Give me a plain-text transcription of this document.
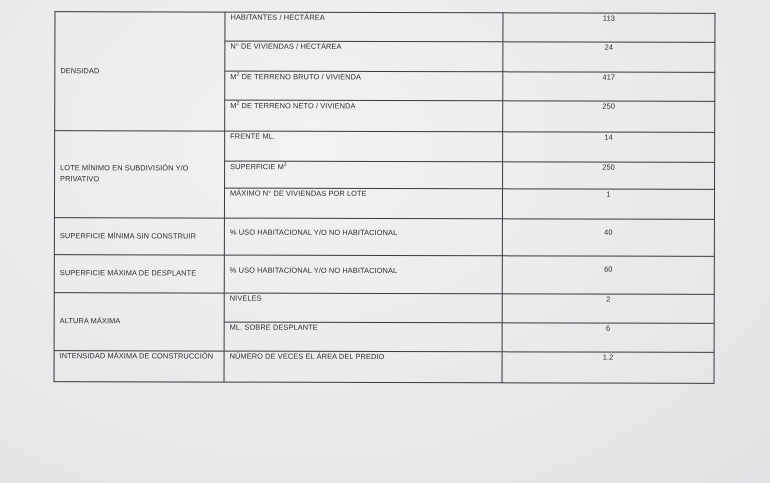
DENSIDAD	HABITANTES / HECTÁREA	113
	N° DE VIVIENDAS / HECTÁREA	24
	$M^2$ DE TERRENO BRUTO / VIVIENDA	417
	$M^2$ DE TERRENO NETO / VIVIENDA	250
LOTE MÍNIMO EN SUBDIVISIÓN Y/O PRIVATIVO	FRENTE ML.	14
	SUPERFICIE $M^2$	250
	MÁXIMO N° DE VIVIENDAS POR LOTE	1
SUPERFICIE MÍNIMA SIN CONSTRUIR	% USO HABITACIONAL Y/O NO HABITACIONAL	40
SUPERFICIE MÁXIMA DE DESPLANTE	% USO HABITACIONAL Y/O NO HABITACIONAL	60
ALTURA MÁXIMA	NIVELES	2
	ML. SOBRE DESPLANTE	6
INTENSIDAD MÁXIMA DE CONSTRUCCIÓN	NÚMERO DE VECES EL ÁREA DEL PREDIO	1.2
